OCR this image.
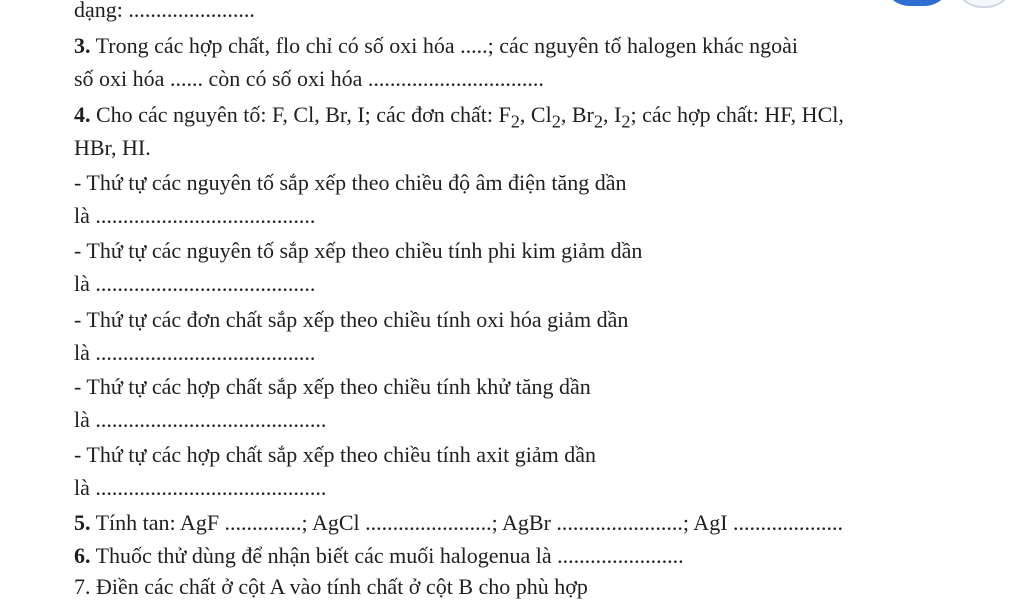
dạng: .......................
3. Trong các hợp chất, flo chỉ có số oxi hóa .....; các nguyên tố halogen khác ngoài
số oxi hóa ...... còn có số oxi hóa ................................
4. Cho các nguyên tố: F, Cl, Br, I; các đơn chất: $F_2$, $Cl_2$, $Br_2$, $I_2$; các hợp chất: HF, HCl,
HBr, HI.
- Thứ tự các nguyên tố sắp xếp theo chiều độ âm điện tăng dần
là ........................................
- Thứ tự các nguyên tố sắp xếp theo chiều tính phi kim giảm dần
là ........................................
- Thứ tự các đơn chất sắp xếp theo chiều tính oxi hóa giảm dần
là ........................................
- Thứ tự các hợp chất sắp xếp theo chiều tính khử tăng dần
là ..........................................
- Thứ tự các hợp chất sắp xếp theo chiều tính axit giảm dần
là ..........................................
5. Tính tan: AgF ..............; AgCl .......................; AgBr .......................; AgI ....................
6. Thuốc thử dùng để nhận biết các muối halogenua là .......................
7. Điền các chất ở cột A vào tính chất ở cột B cho phù hợp
